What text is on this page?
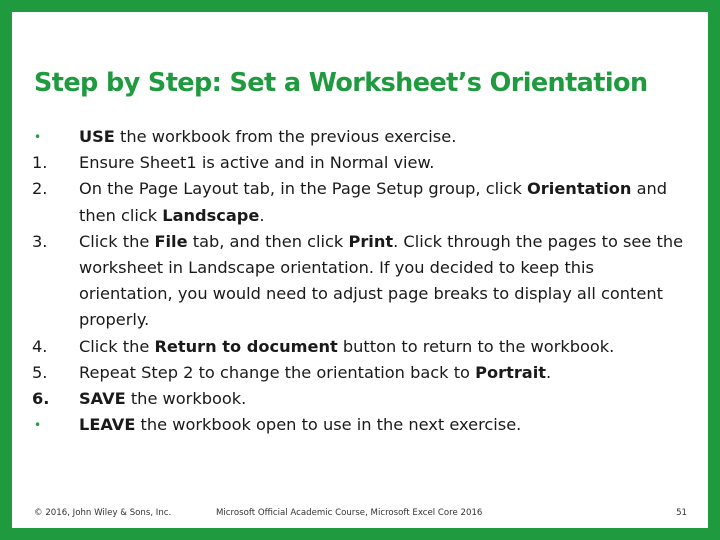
Step by Step: Set a Worksheet’s Orientation
•	USE the workbook from the previous exercise.
1.	Ensure Sheet1 is active and in Normal view.
2.	On the Page Layout tab, in the Page Setup group, click Orientation and then click Landscape.
3.	Click the File tab, and then click Print. Click through the pages to see the worksheet in Landscape orientation. If you decided to keep this orientation, you would need to adjust page breaks to display all content properly.
4.	Click the Return to document button to return to the workbook.
5.	Repeat Step 2 to change the orientation back to Portrait.
6.	SAVE the workbook.
•	LEAVE the workbook open to use in the next exercise.
© 2016, John Wiley & Sons, Inc.	Microsoft Official Academic Course, Microsoft Excel Core 2016	51
